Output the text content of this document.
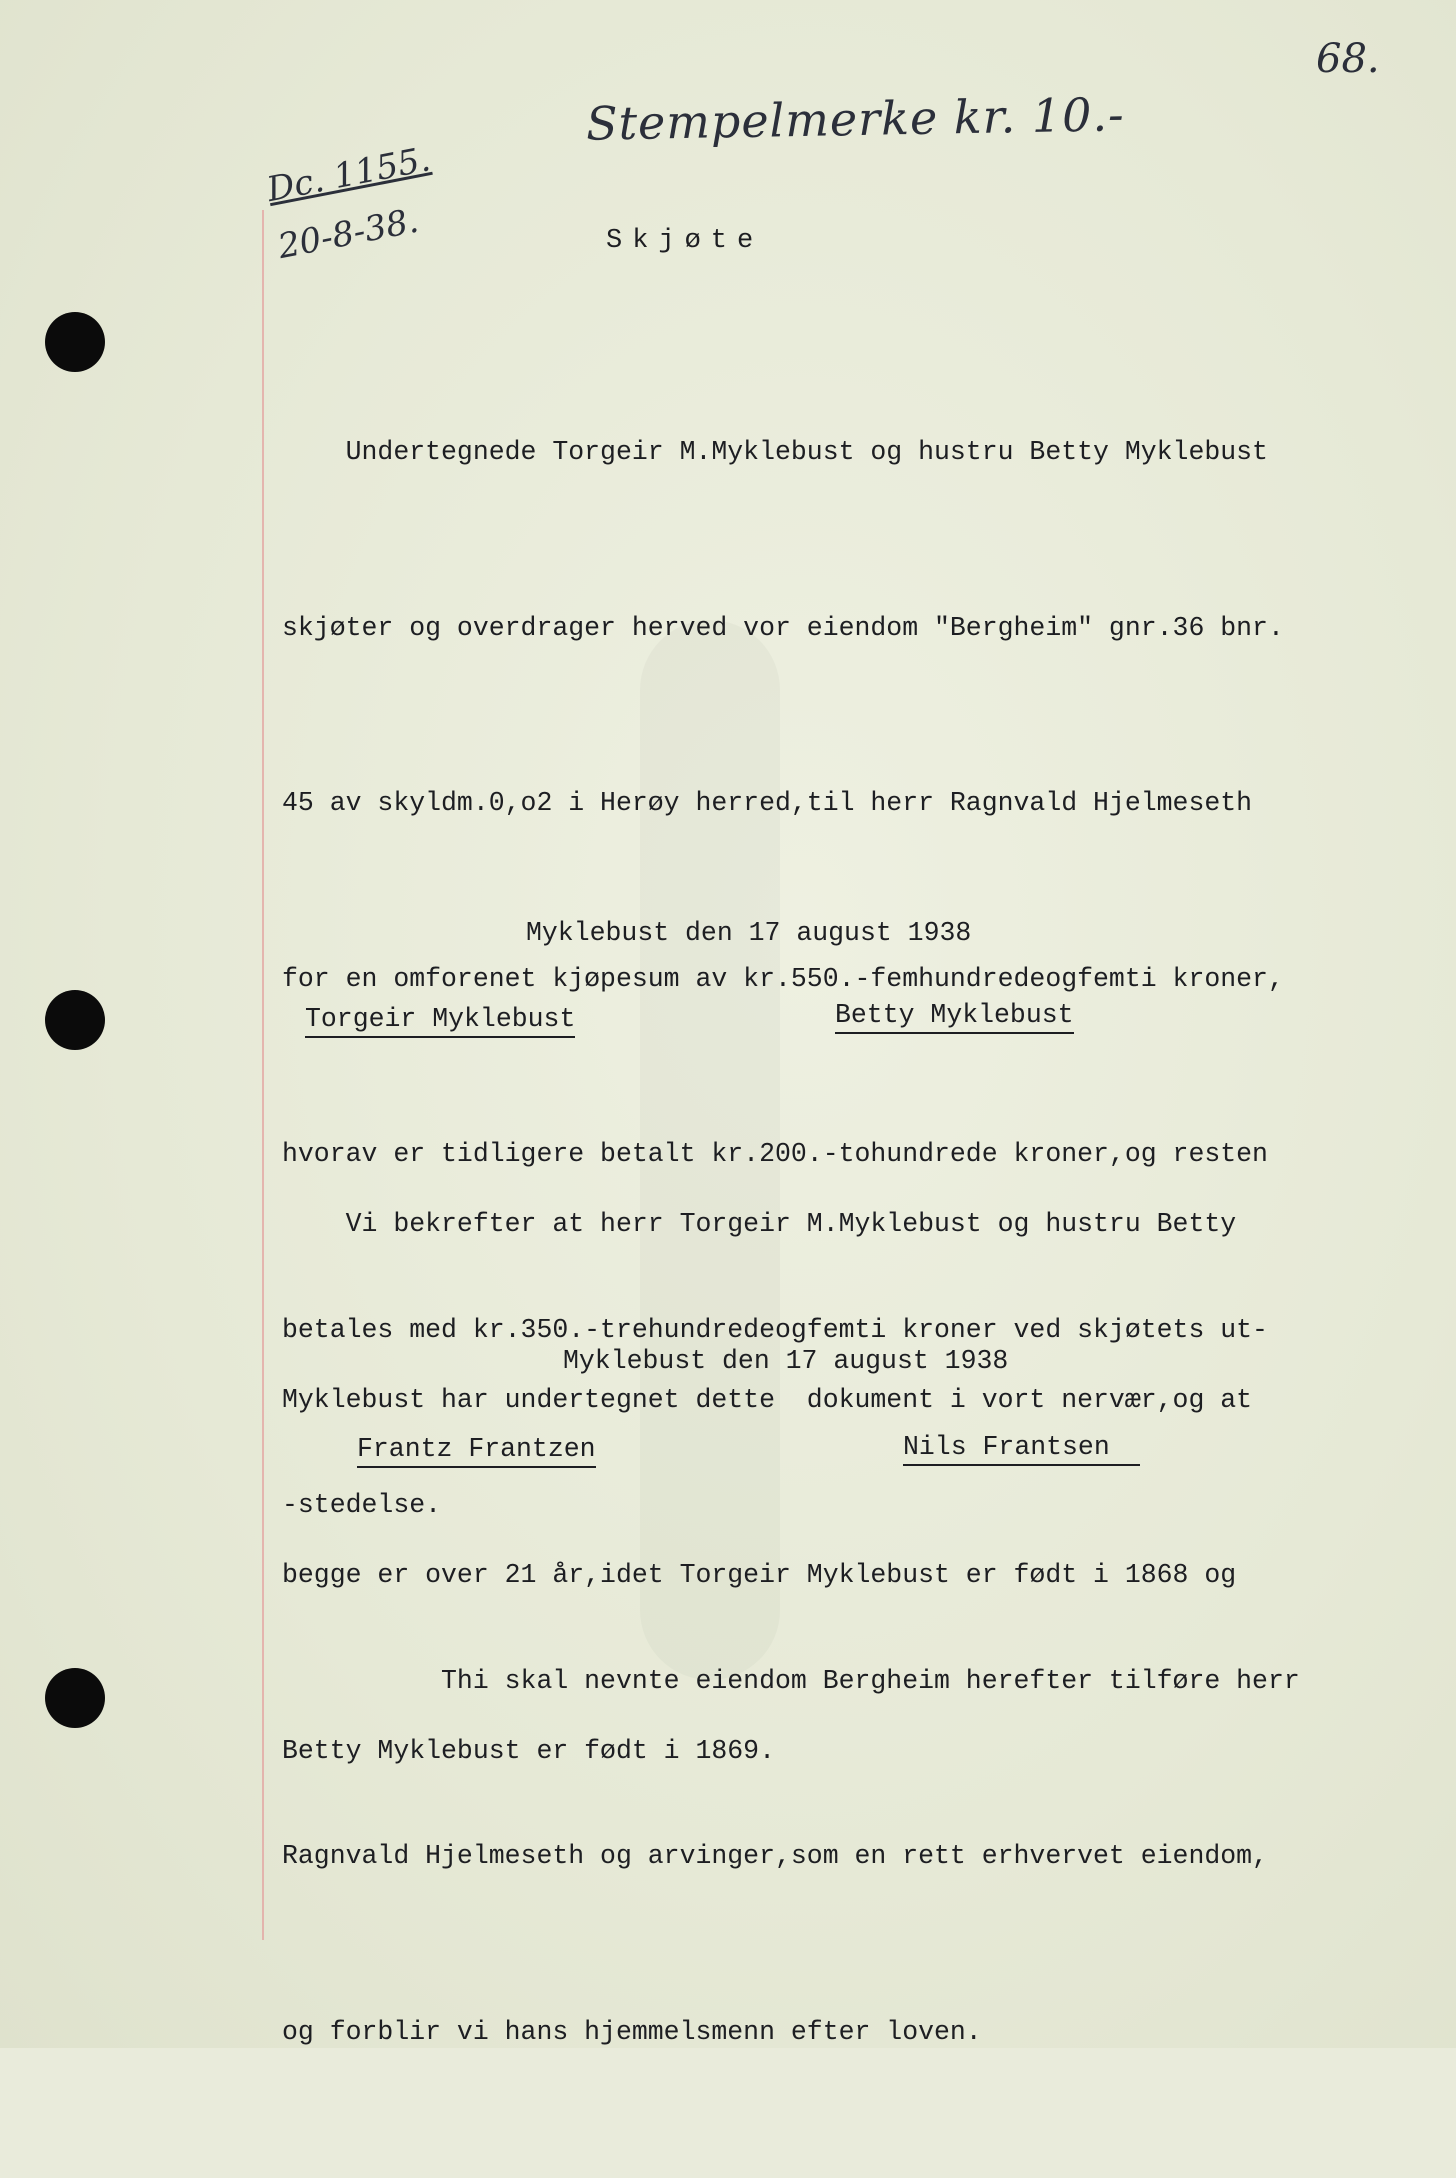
Stempelmerke kr. 10.-
68.
Dc. 1155.
20-8-38.	Skjøte

Undertegnede Torgeir M.Myklebust og hustru Betty Myklebust

skjøter og overdrager herved vor eiendom "Bergheim" gnr.36 bnr.

45 av skyldm.0,o2 i Herøy herred,til herr Ragnvald Hjelmeseth

for en omforenet kjøpesum av kr.550.-femhundredeogfemti kroner,

hvorav er tidligere betalt kr.200.-tohundrede kroner,og resten

betales med kr.350.-trehundredeogfemti kroner ved skjøtets ut-

-stedelse.

Thi skal nevnte eiendom Bergheim herefter tilføre herr

Ragnvald Hjelmeseth og arvinger,som en rett erhvervet eiendom,

og forblir vi hans hjemmelsmenn efter loven.

Myklebust den 17 august 1938
Torgeir Myklebust	Betty Myklebust

Vi bekrefter at herr Torgeir M.Myklebust og hustru Betty

Myklebust har undertegnet dette  dokument i vort nervær,og at

begge er over 21 år,idet Torgeir Myklebust er født i 1868 og

Betty Myklebust er født i 1869.

Myklebust den 17 august 1938
Frantz Frantzen	Nils Frantsen
